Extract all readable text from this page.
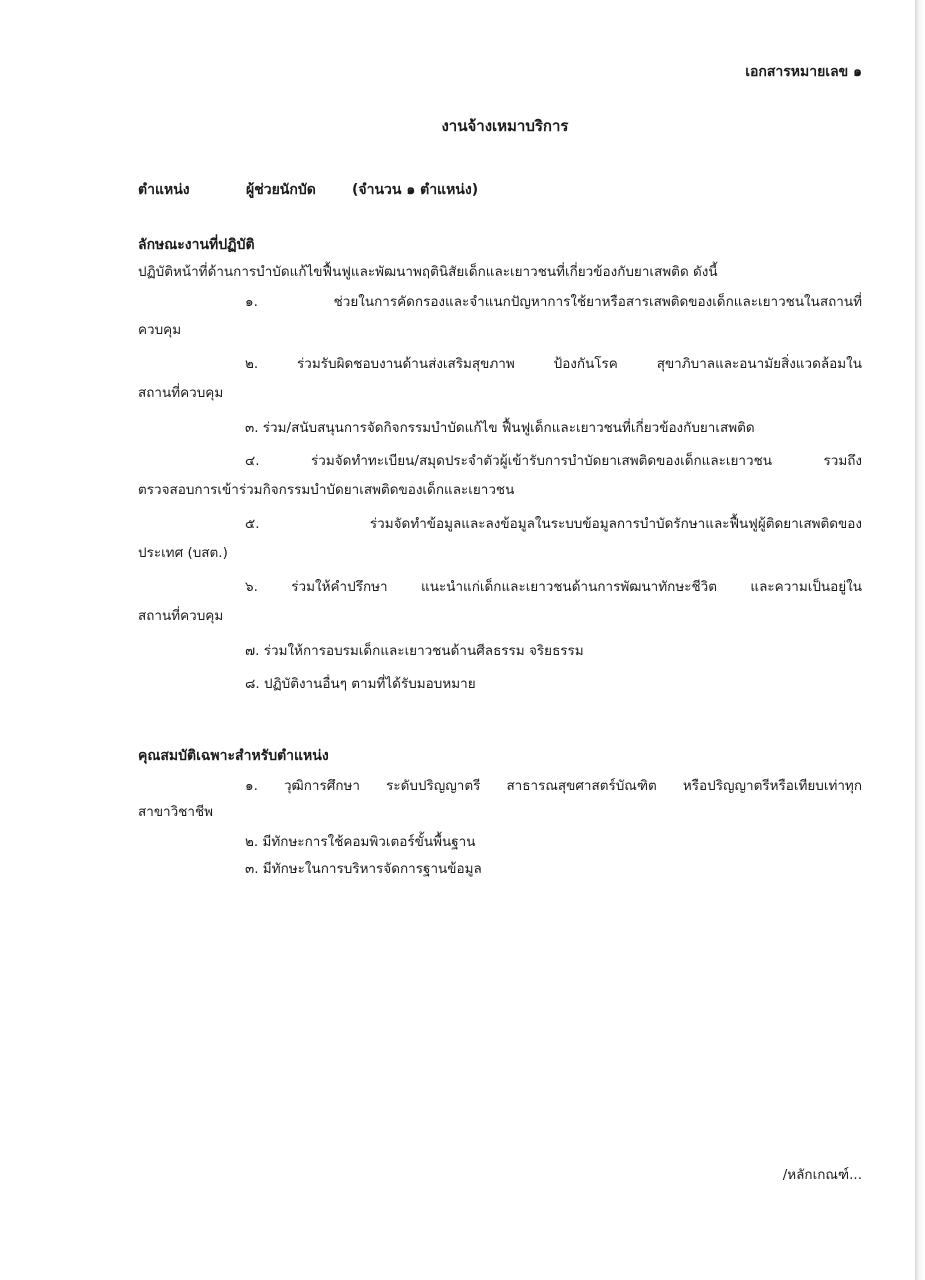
เอกสารหมายเลข ๑

งานจ้างเหมาบริการ

ตำแหน่ง	ผู้ช่วยนักบัด	(จำนวน ๑ ตำแหน่ง)

ลักษณะงานที่ปฏิบัติ

ปฏิบัติหน้าที่ด้านการบำบัดแก้ไขฟื้นฟูและพัฒนาพฤตินิสัยเด็กและเยาวชนที่เกี่ยวข้องกับยาเสพติด ดังนี้

๑. ช่วยในการคัดกรองและจำแนกปัญหาการใช้ยาหรือสารเสพติดของเด็กและเยาวชนในสถานที่

ควบคุม

๒. ร่วมรับผิดชอบงานด้านส่งเสริมสุขภาพ ป้องกันโรค สุขาภิบาลและอนามัยสิ่งแวดล้อมใน

สถานที่ควบคุม

๓. ร่วม/สนับสนุนการจัดกิจกรรมบำบัดแก้ไข ฟื้นฟูเด็กและเยาวชนที่เกี่ยวข้องกับยาเสพติด

๔. ร่วมจัดทำทะเบียน/สมุดประจำตัวผู้เข้ารับการบำบัดยาเสพติดของเด็กและเยาวชน รวมถึง

ตรวจสอบการเข้าร่วมกิจกรรมบำบัดยาเสพติดของเด็กและเยาวชน

๕. ร่วมจัดทำข้อมูลและลงข้อมูลในระบบข้อมูลการบำบัดรักษาและฟื้นฟูผู้ติดยาเสพติดของ

ประเทศ (บสต.)

๖. ร่วมให้คำปรึกษา แนะนำแก่เด็กและเยาวชนด้านการพัฒนาทักษะชีวิต และความเป็นอยู่ใน

สถานที่ควบคุม

๗. ร่วมให้การอบรมเด็กและเยาวชนด้านศีลธรรม จริยธรรม

๘. ปฏิบัติงานอื่นๆ ตามที่ได้รับมอบหมาย

คุณสมบัติเฉพาะสำหรับตำแหน่ง

๑. วุฒิการศึกษา ระดับปริญญาตรี สาธารณสุขศาสตร์บัณฑิต หรือปริญญาตรีหรือเทียบเท่าทุก

สาขาวิชาชีพ

๒. มีทักษะการใช้คอมพิวเตอร์ขั้นพื้นฐาน

๓. มีทักษะในการบริหารจัดการฐานข้อมูล

/หลักเกณฑ์...
